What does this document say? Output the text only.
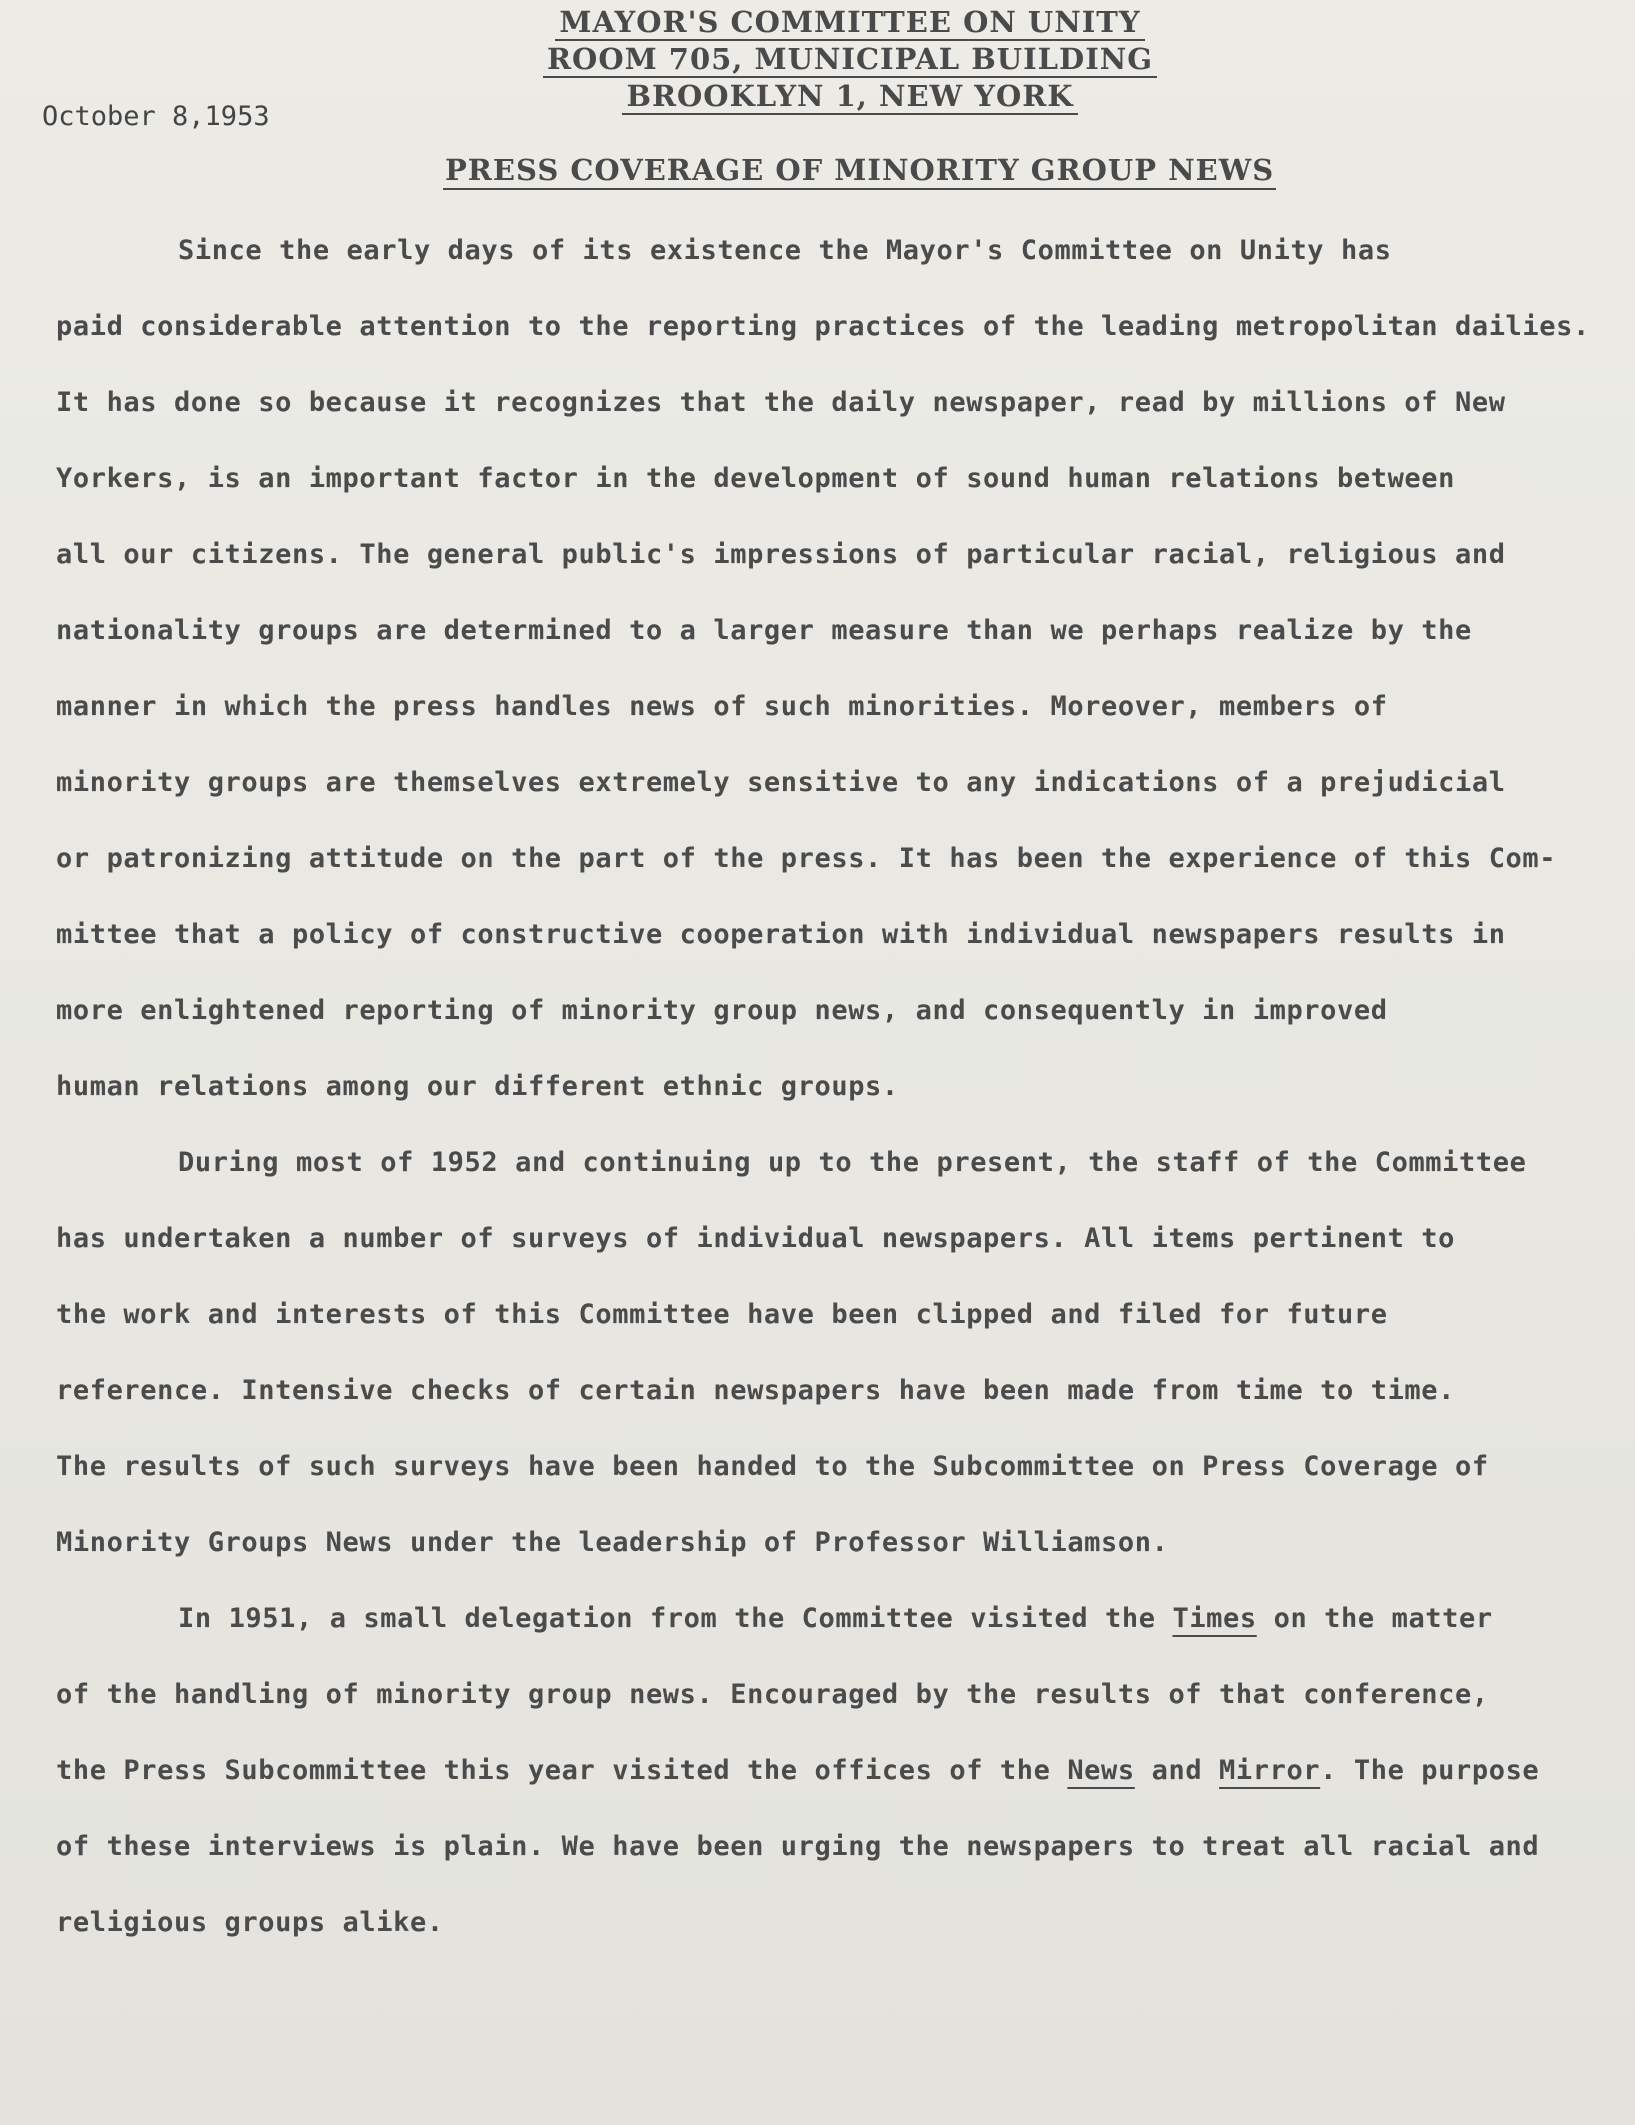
MAYOR'S COMMITTEE ON UNITY
ROOM 705, MUNICIPAL BUILDING
BROOKLYN 1, NEW YORK
October 8,1953
PRESS COVERAGE OF MINORITY GROUP NEWS
Since the early days of its existence the Mayor's Committee on Unity has
paid considerable attention to the reporting practices of the leading metropolitan dailies.
It has done so because it recognizes that the daily newspaper, read by millions of New
Yorkers, is an important factor in the development of sound human relations between
all our citizens. The general public's impressions of particular racial, religious and
nationality groups are determined to a larger measure than we perhaps realize by the
manner in which the press handles news of such minorities. Moreover, members of
minority groups are themselves extremely sensitive to any indications of a prejudicial
or patronizing attitude on the part of the press. It has been the experience of this Com-
mittee that a policy of constructive cooperation with individual newspapers results in
more enlightened reporting of minority group news, and consequently in improved
human relations among our different ethnic groups.
During most of 1952 and continuing up to the present, the staff of the Committee
has undertaken a number of surveys of individual newspapers. All items pertinent to
the work and interests of this Committee have been clipped and filed for future
reference. Intensive checks of certain newspapers have been made from time to time.
The results of such surveys have been handed to the Subcommittee on Press Coverage of
Minority Groups News under the leadership of Professor Williamson.
In 1951, a small delegation from the Committee visited the Times on the matter
of the handling of minority group news. Encouraged by the results of that conference,
the Press Subcommittee this year visited the offices of the News and Mirror. The purpose
of these interviews is plain. We have been urging the newspapers to treat all racial and
religious groups alike.
